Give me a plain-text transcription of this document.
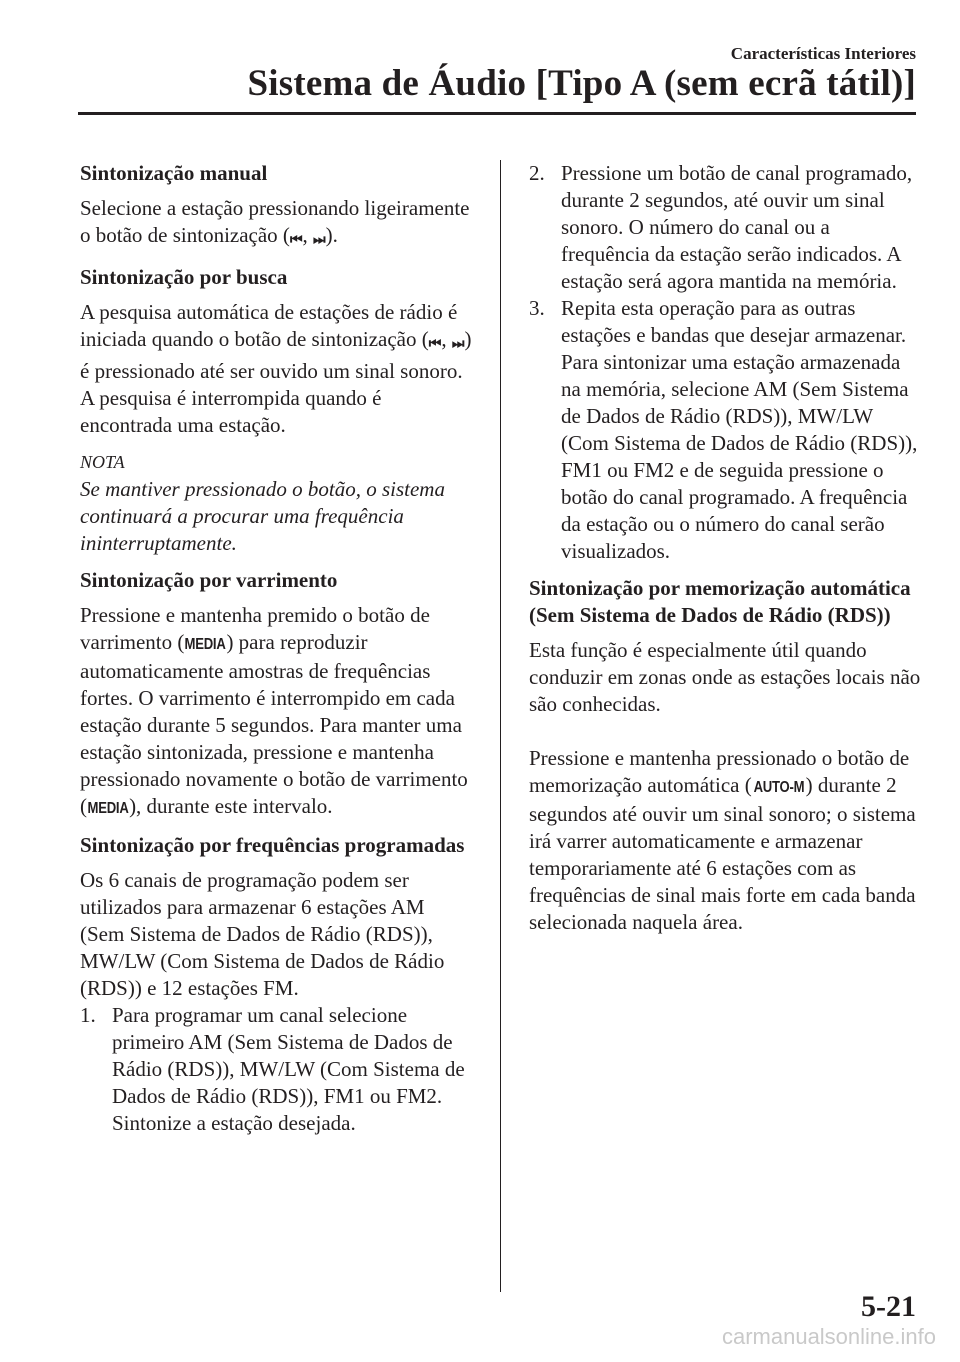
Características Interiores
Sistema de Áudio [Tipo A (sem ecrã tátil)]
Sintonização manual

Selecione a estação pressionando ligeiramente o botão de sintonização (⏮ , ⏭ ).

Sintonização por busca

A pesquisa automática de estações de rádio é iniciada quando o botão de sintonização (⏮ , ⏭ ) é pressionado até ser ouvido um sinal sonoro. A pesquisa é interrompida quando é encontrada uma estação.

NOTA
Se mantiver pressionado o botão, o sistema continuará a procurar uma frequência ininterruptamente.
Sintonização por varrimento

Pressione e mantenha premido o botão de varrimento (MEDIA) para reproduzir automaticamente amostras de frequências fortes. O varrimento é interrompido em cada estação durante 5 segundos. Para manter uma estação sintonizada, pressione e mantenha pressionado novamente o botão de varrimento (MEDIA), durante este intervalo.

Sintonização por frequências programadas

Os 6 canais de programação podem ser utilizados para armazenar 6 estações AM (Sem Sistema de Dados de Rádio (RDS)), MW/LW (Com Sistema de Dados de Rádio (RDS)) e 12 estações FM.

1. Para programar um canal selecione primeiro AM (Sem Sistema de Dados de Rádio (RDS)), MW/LW (Com Sistema de Dados de Rádio (RDS)), FM1 ou FM2. Sintonize a estação desejada.
2. Pressione um botão de canal programado, durante 2 segundos, até ouvir um sinal sonoro. O número do canal ou a frequência da estação serão indicados. A estação será agora mantida na memória.
3. Repita esta operação para as outras estações e bandas que desejar armazenar. Para sintonizar uma estação armazenada na memória, selecione AM (Sem Sistema de Dados de Rádio (RDS)), MW/LW (Com Sistema de Dados de Rádio (RDS)), FM1 ou FM2 e de seguida pressione o botão do canal programado. A frequência da estação ou o número do canal serão visualizados.
Sintonização por memorização automática (Sem Sistema de Dados de Rádio (RDS))

Esta função é especialmente útil quando conduzir em zonas onde as estações locais não são conhecidas.

Pressione e mantenha pressionado o botão de memorização automática (AUTO-M) durante 2 segundos até ouvir um sinal sonoro; o sistema irá varrer automaticamente e armazenar temporariamente até 6 estações com as frequências de sinal mais forte em cada banda selecionada naquela área.

5-21
carmanualsonline.info
